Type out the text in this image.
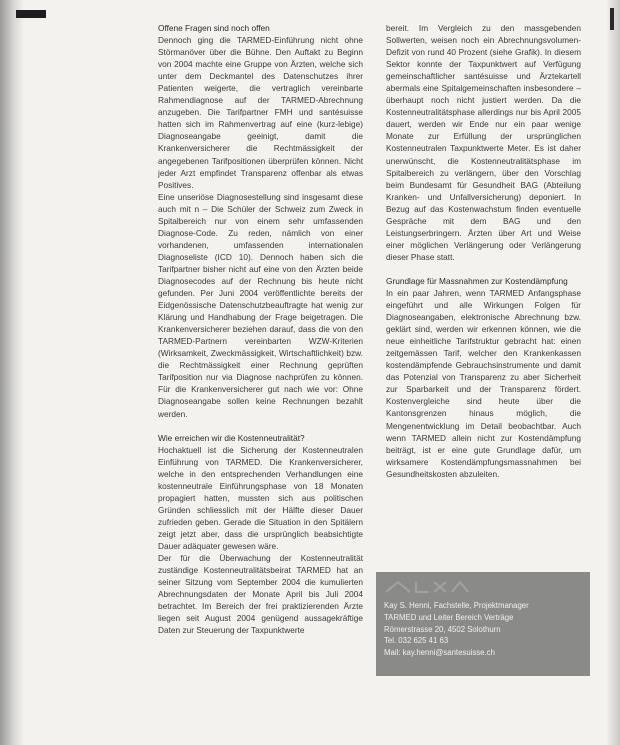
Offene Fragen sind noch offen

Dennoch ging die TARMED-Einführung nicht ohne Störmanöver über die Bühne. Den Auftakt zu Beginn von 2004 machte eine Gruppe von Ärzten, welche sich unter dem Deckmantel des Datenschutzes ihrer Patienten weigerte, die vertraglich vereinbarte Rahmendiagnose auf der TARMED-Abrechnung anzugeben. Die Tarifpartner FMH und santésuisse hatten sich im Rahmenvertrag auf eine (kurz-lebige) Diagnoseangabe geeinigt, damit die Krankenversicherer die Rechtmässigkeit der angegebenen Tarifpositionen überprüfen können. Nicht jeder Arzt empfindet Transparenz offenbar als etwas Positives.

Eine unseriöse Diagnosestellung sind insgesamt diese auch mit n – Die Schüler der Schweiz zum Zweck in Spitalbereich nur von einem sehr umfassenden Diagnose-Code. Zu reden, nämlich von einer vorhandenen, umfassenden internationalen Diagnoseliste (ICD 10). Dennoch haben sich die Tarifpartner bisher nicht auf eine von den Ärzten beide Diagnosecodes auf der Rechnung bis heute nicht gefunden. Per Juni 2004 veröffentlichte bereits der Eidgenössische Datenschutzbeauftragte hat wenig zur Klärung und Handhabung der Frage beigetragen. Die Krankenversicherer beziehen darauf, dass die von den TARMED-Partnern vereinbarten WZW-Kriterien (Wirksamkeit, Zweckmässigkeit, Wirtschaftlichkeit) bzw. die Rechtmässigkeit einer Rechnung geprüften Tarifposition nur via Diagnose nachprüfen zu können. Für die Krankenversicherer gut nach wie vor: Ohne Diagnoseangabe sollen keine Rechnungen bezahlt werden.

Wie erreichen wir die Kostenneutralität?

Hochaktuell ist die Sicherung der Kostenneutralen Einführung von TARMED. Die Krankenversicherer, welche in den entsprechenden Verhandlungen eine kostenneutrale Einführungsphase von 18 Monaten propagiert hatten, mussten sich aus politischen Gründen schliesslich mit der Hälfte dieser Dauer zufrieden geben. Gerade die Situation in den Spitälern zeigt jetzt aber, dass die ursprünglich beabsichtigte Dauer adäquater gewesen wäre.

Der für die Überwachung der Kostenneutralität zuständige Kostenneutralitätsbeirat TARMED hat an seiner Sitzung vom September 2004 die kumulierten Abrechnungsdaten der Monate April bis Juli 2004 betrachtet. Im Bereich der frei praktizierenden Ärzte liegen seit August 2004 genügend aussagekräftige Daten zur Steuerung der Taxpunktwerte

bereit. Im Vergleich zu den massgebenden Sollwerten, weisen noch ein Abrechnungsvolumen-Defizit von rund 40 Prozent (siehe Grafik). In diesem Sektor konnte der Taxpunktwert auf Verfügung gemeinschaftlicher santésuisse und Ärztekartell abermals eine Spitalgemeinschaften insbesondere – überhaupt noch nicht justiert werden. Da die Kostenneutralitätsphase allerdings nur bis April 2005 dauert, werden wir Ende nur ein paar wenige Monate zur Erfüllung der ursprünglichen Kostenneutralen Taxpunktwerte Meter. Es ist daher unerwünscht, die Kostenneutralitätsphase im Spitalbereich zu verlängern, über den Vorschlag beim Bundesamt für Gesundheit BAG (Abteilung Kranken- und Unfallversicherung) deponiert. In Bezug auf das Kostenwachstum finden eventuelle Gespräche mit dem BAG und den Leistungserbringern. Ärzten über Art und Weise einer möglichen Verlängerung oder Verlängerung dieser Phase statt.

Grundlage für Massnahmen zur Kostendämpfung

In ein paar Jahren, wenn TARMED Anfangsphase eingeführt und alle Wirkungen Folgen für Diagnoseangaben, elektronische Abrechnung bzw. geklärt sind, werden wir erkennen können, wie die neue einheitliche Tarifstruktur gebracht hat: einen zeitgemässen Tarif, welcher den Krankenkassen kostendämpfende Gebrauchsinstrumente und damit das Potenzial von Transparenz zu aber Sicherheit zur Sparbarkeit und der Transparenz fördert. Kostenvergleiche sind heute über die Kantonsgrenzen hinaus möglich, die Mengenentwicklung im Detail beobachtbar. Auch wenn TARMED allein nicht zur Kostendämpfung beiträgt, ist er eine gute Grundlage dafür, um wirksamere Kostendämpfungsmassnahmen bei Gesundheitskosten abzuleiten.

Kay S. Henni, Fachstelle, Projektmanager
TARMED und Leiter Bereich Verträge
Römerstrasse 20, 4502 Solothurn
Tel. 032 625 41 63
Mail: kay.henni@santesuisse.ch
